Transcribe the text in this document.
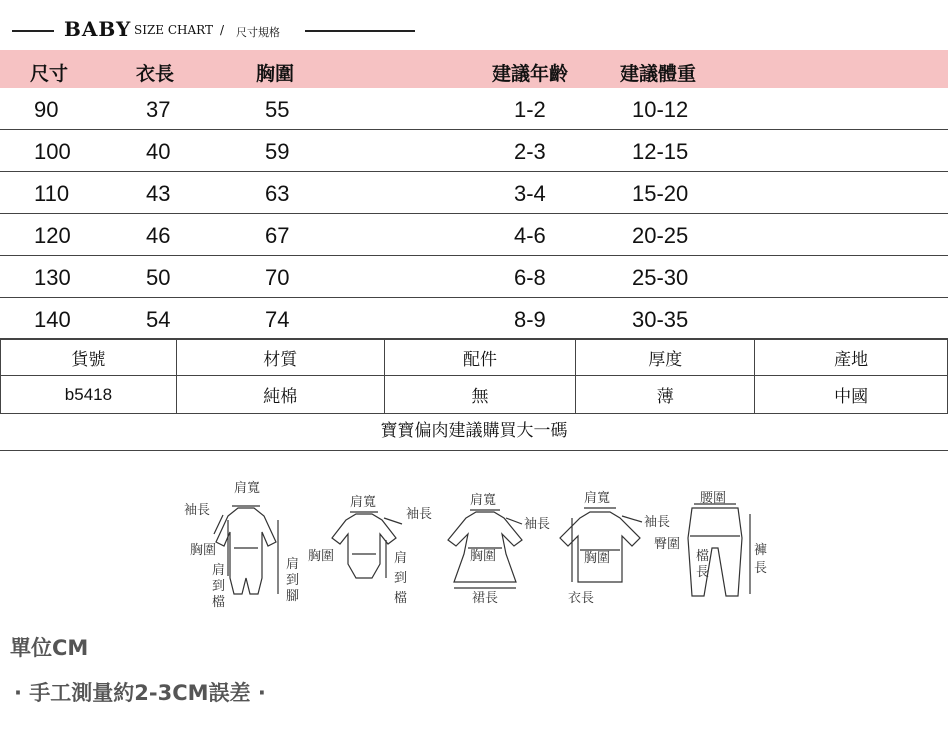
BABY SIZE CHART / 尺寸規格
尺寸	衣長	胸圍	建議年齡	建議體重
90	37	55	1-2	10-12
100	40	59	2-3	12-15
110	43	63	3-4	15-20
120	46	67	4-6	20-25
130	50	70	6-8	25-30
140	54	74	8-9	30-35
貨號	材質	配件	厚度	產地
b5418	純棉	無	薄	中國
寶寶偏肉建議購買大一碼
肩寬
袖長
胸圍
肩
到
檔
肩
到
腳
肩寬
袖長
胸圍	肩
到
檔
肩寬
袖長
胸圍
裙長
肩寬
袖長
胸圍
衣長
腰圍
臀圍
檔
長
褲
長
單位CM
· 手工測量約2-3CM誤差 ·
